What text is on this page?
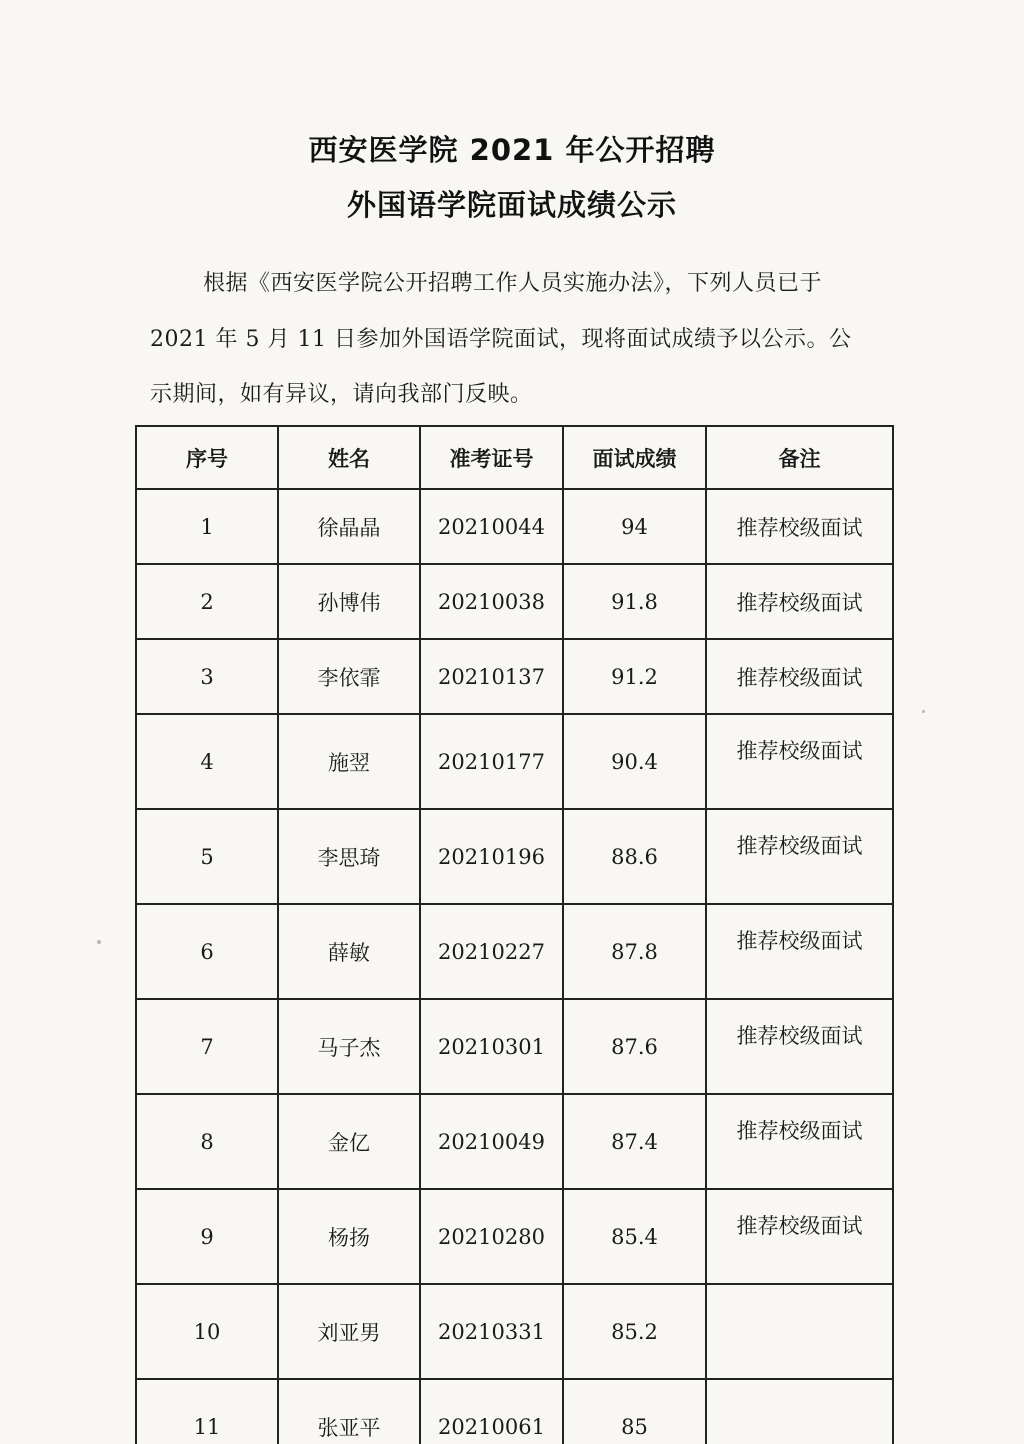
西安医学院 2021 年公开招聘
外国语学院面试成绩公示
根据《西安医学院公开招聘工作人员实施办法》，下列人员已于
2021 年 5 月 11 日参加外国语学院面试，现将面试成绩予以公示。公
示期间，如有异议，请向我部门反映。
序号	姓名	准考证号	面试成绩	备注
1	徐晶晶	20210044	94	推荐校级面试
2	孙博伟	20210038	91.8	推荐校级面试
3	李依霏	20210137	91.2	推荐校级面试
4	施翌	20210177	90.4	推荐校级面试
5	李思琦	20210196	88.6	推荐校级面试
6	薛敏	20210227	87.8	推荐校级面试
7	马子杰	20210301	87.6	推荐校级面试
8	金亿	20210049	87.4	推荐校级面试
9	杨扬	20210280	85.4	推荐校级面试
10	刘亚男	20210331	85.2	
11	张亚平	20210061	85	
